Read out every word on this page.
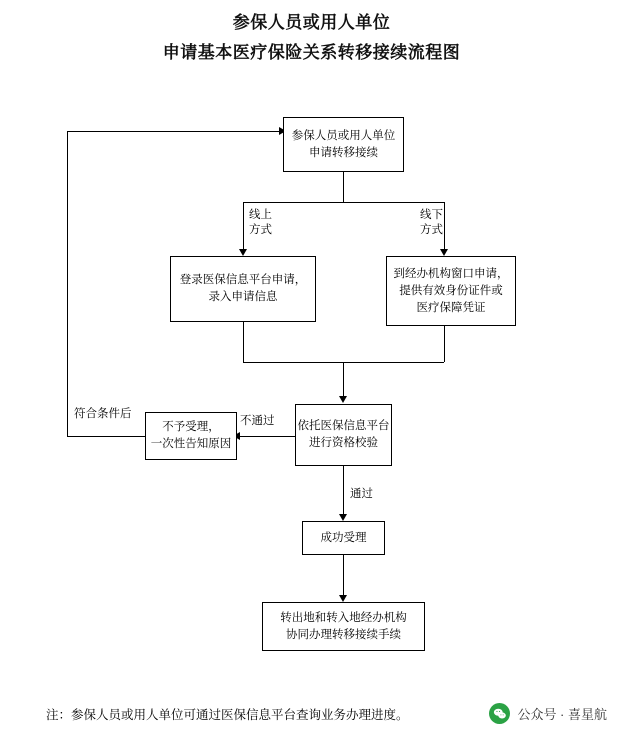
参保人员或用人单位
申请基本医疗保险关系转移接续流程图
参保人员或用人单位
申请转移接续
登录医保信息平台申请，
录入申请信息
到经办机构窗口申请，
提供有效身份证件或
医疗保障凭证
依托医保信息平台
进行资格校验
不予受理，
一次性告知原因
成功受理
转出地和转入地经办机构
协同办理转移接续手续
线上
方式
线下
方式
不通过
通过
符合条件后
注：参保人员或用人单位可通过医保信息平台查询业务办理进度。	公众号 · 喜星航
